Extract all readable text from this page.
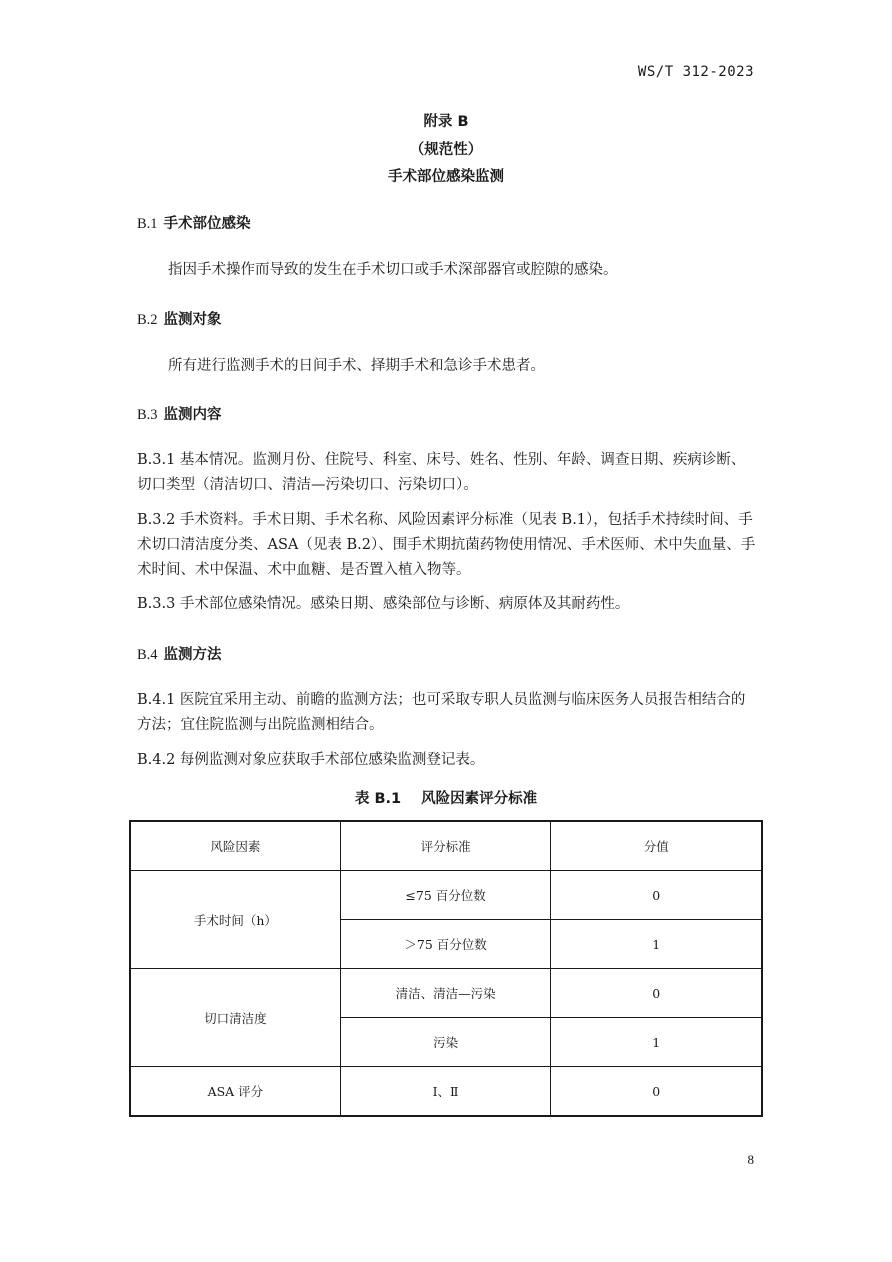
WS/T 312-2023
附录 B
（规范性）
手术部位感染监测
B.1 手术部位感染
指因手术操作而导致的发生在手术切口或手术深部器官或腔隙的感染。
B.2 监测对象
所有进行监测手术的日间手术、择期手术和急诊手术患者。
B.3 监测内容
B.3.1 基本情况。监测月份、住院号、科室、床号、姓名、性别、年龄、调查日期、疾病诊断、切口类型（清洁切口、清洁—污染切口、污染切口）。
B.3.2 手术资料。手术日期、手术名称、风险因素评分标准（见表 B.1），包括手术持续时间、手术切口清洁度分类、ASA（见表 B.2）、围手术期抗菌药物使用情况、手术医师、术中失血量、手术时间、术中保温、术中血糖、是否置入植入物等。
B.3.3 手术部位感染情况。感染日期、感染部位与诊断、病原体及其耐药性。
B.4 监测方法
B.4.1 医院宜采用主动、前瞻的监测方法；也可采取专职人员监测与临床医务人员报告相结合的方法；宜住院监测与出院监测相结合。
B.4.2 每例监测对象应获取手术部位感染监测登记表。
表 B.1 风险因素评分标准
风险因素	评分标准	分值
手术时间（h）	≤75 百分位数	0
	＞75 百分位数	1
切口清洁度	清洁、清洁—污染	0
	污染	1
ASA 评分	Ⅰ、Ⅱ	0
8
